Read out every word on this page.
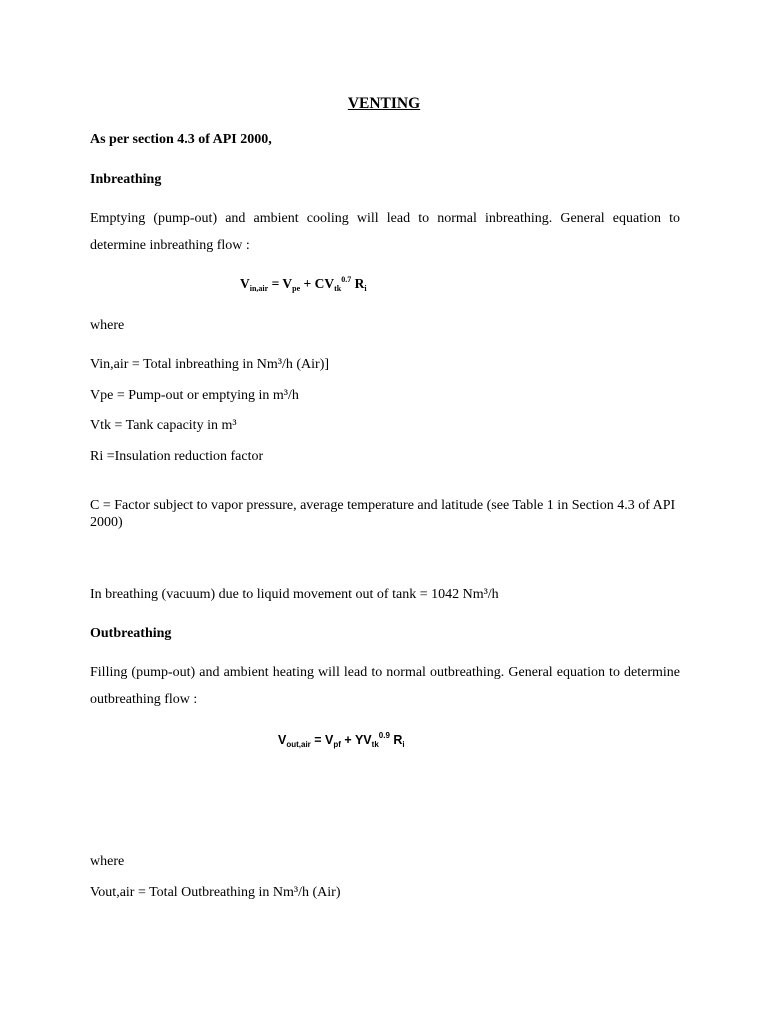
VENTING
As per section 4.3 of API 2000,
Inbreathing
Emptying (pump-out) and ambient cooling will lead to normal inbreathing. General equation to determine inbreathing flow :
$V_{in,air} = V_{pe} + CV_{tk}^{0.7}$ $R_i$
where
Vin,air = Total inbreathing in Nm³/h (Air)]
Vpe = Pump-out or emptying in m³/h
Vtk = Tank capacity in m³
Ri =Insulation reduction factor
C = Factor subject to vapor pressure, average temperature and latitude (see Table 1 in Section 4.3 of API 2000)
In breathing (vacuum) due to liquid movement out of tank = 1042 Nm³/h
Outbreathing
Filling (pump-out) and ambient heating will lead to normal outbreathing. General equation to determine outbreathing flow :
$V_{out,air} = V_{pf} + YV_{tk}^{0.9}$ $R_i$
where
Vout,air = Total Outbreathing in Nm³/h (Air)
